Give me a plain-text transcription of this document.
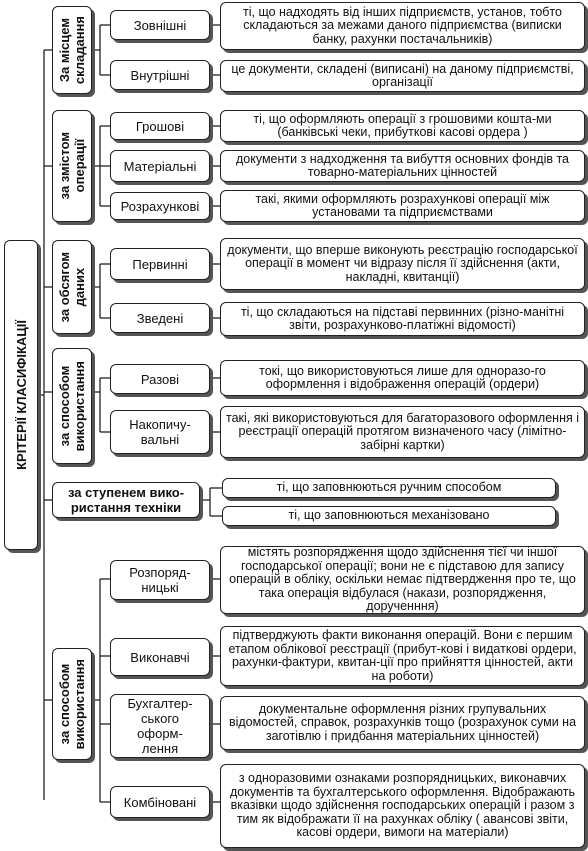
КРІТЕРІЇ КЛАСИФІКАЦІЇ
За місцем
складання
за змістом
операції
за обсягом
даних
за способом
використання
за ступенем вико-
ристання техніки
за способом
використання
Зовнішні
ті, що надходять від інших підприємств, установ, тобто складаються за межами даного підприємства (виписки банку, рахунки постачальників)
Внутрішні	це документи, складені (виписані) на даному підприємстві, організації
Грошові	ті, що оформляють операції з грошовими кошта-ми (банківські чеки, прибуткові касові ордера )
Матеріальні	документи з надходження та вибуття основних фондів та товарно-матеріальних цінностей
Розрахункові	такі, якими оформляють розрахункові операції між установами та підприємствами
Первинні
документи, що вперше виконують реєстрацію господарської операції в момент чи відразу після її здійснення (акти, накладні, квитанції)
Зведені	ті, що складаються на підставі первинних (різно-манітні звіти, розрахунково-платіжні відомості)
Разові
токі, що використовуються лише для одноразо-го оформлення і відображення операцій (ордери)
Накопичу-
вальні
такі, які використовуються для багаторазового оформлення і реєстрації операцій протягом визначеного часу (лімітно-забірні картки)
ті, що заповнюються ручним способом
ті, що заповнюються механізовано
Розпоряд-
ницькі
містять розпорядження щодо здійснення тієї чи іншої господарської операції; вони не є підставою для запису операцій в обліку, оскільки немає підтвердження про те, що така операція відбулася (накази, розпорядження, дорученння)
Виконавчі
підтверджують факти виконання операцій. Вони є першим етапом облікової реєстрації (прибут-кові і видаткові ордери, рахунки-фактури, квитан-ції про прийняття цінностей, акти на роботи)
Бухгалтер-
ського
оформ-
лення
документальне оформлення різних групувальних відомостей, справок, розрахунків тощо (розрахунок суми на заготівлю і придбання матеріальних цінностей)
Комбіновані
з одноразовими ознаками розпорядницьких, виконавчих документів та бухгалтерського оформлення. Відображають вказівки щодо здійснення господарських операцій і разом з тим як відображати її на рахунках обліку ( авансові звіти, касові ордери, вимоги на матеріали)
